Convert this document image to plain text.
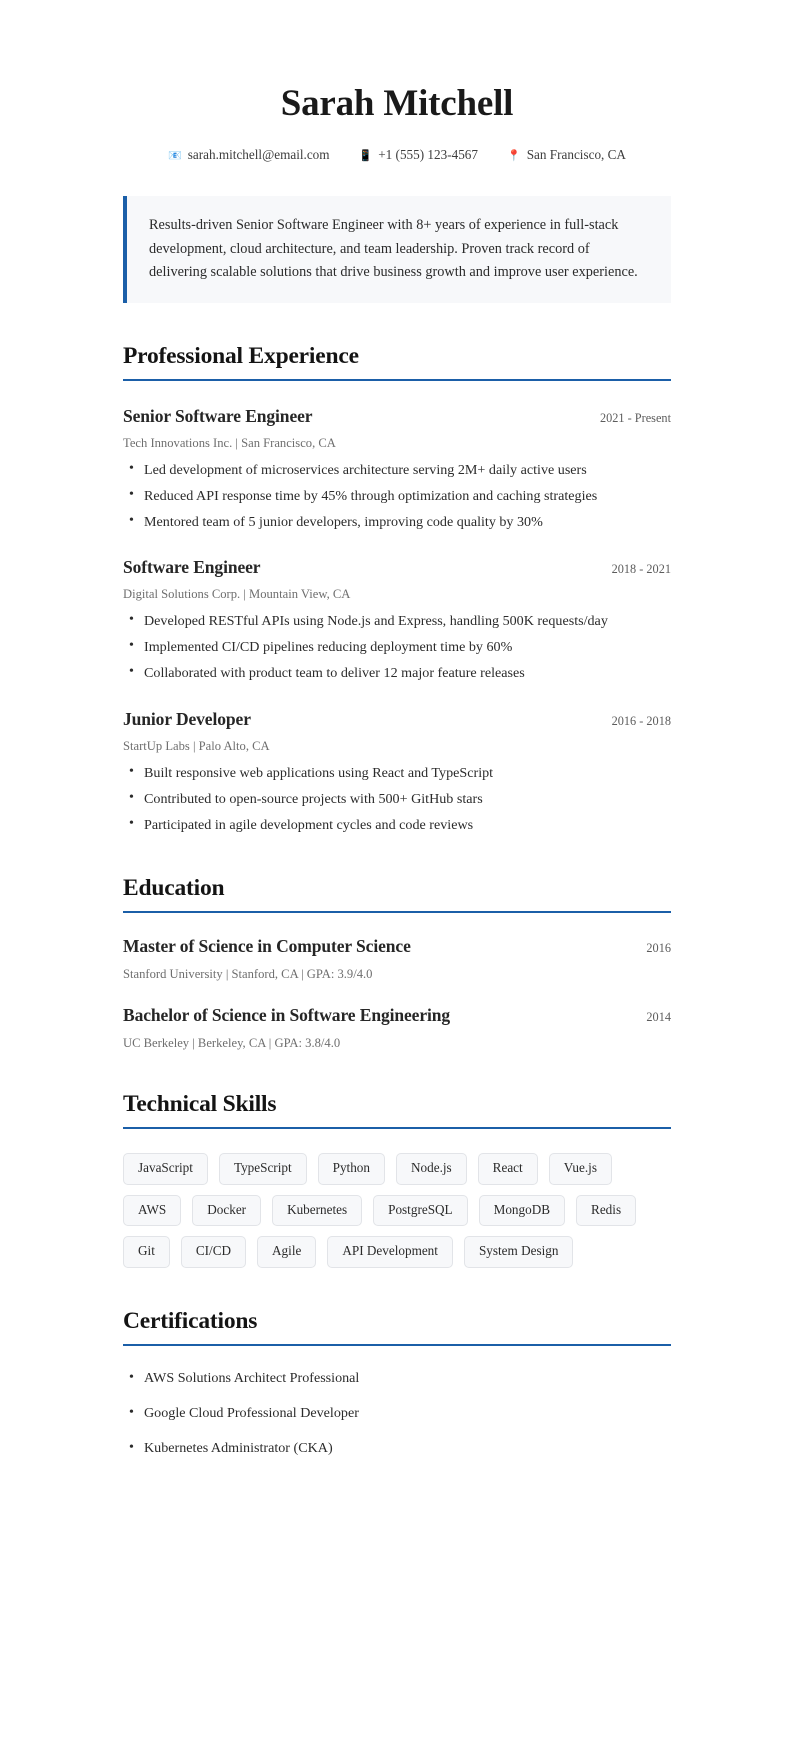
Sarah Mitchell
📧 sarah.mitchell@email.com	📱 +1 (555) 123-4567	📍 San Francisco, CA
Results-driven Senior Software Engineer with 8+ years of experience in full-stack development, cloud architecture, and team leadership. Proven track record of delivering scalable solutions that drive business growth and improve user experience.
Professional Experience
Senior Software Engineer	2021 - Present
Tech Innovations Inc. | San Francisco, CA
• Led development of microservices architecture serving 2M+ daily active users
• Reduced API response time by 45% through optimization and caching strategies
• Mentored team of 5 junior developers, improving code quality by 30%
Software Engineer	2018 - 2021
Digital Solutions Corp. | Mountain View, CA
• Developed RESTful APIs using Node.js and Express, handling 500K requests/day
• Implemented CI/CD pipelines reducing deployment time by 60%
• Collaborated with product team to deliver 12 major feature releases
Junior Developer	2016 - 2018
StartUp Labs | Palo Alto, CA
• Built responsive web applications using React and TypeScript
• Contributed to open-source projects with 500+ GitHub stars
• Participated in agile development cycles and code reviews
Education
Master of Science in Computer Science	2016
Stanford University | Stanford, CA | GPA: 3.9/4.0
Bachelor of Science in Software Engineering	2014
UC Berkeley | Berkeley, CA | GPA: 3.8/4.0
Technical Skills
JavaScript	TypeScript	Python	Node.js	React	Vue.js
AWS	Docker	Kubernetes	PostgreSQL	MongoDB	Redis
Git	CI/CD	Agile	API Development	System Design
Certifications
• AWS Solutions Architect Professional
• Google Cloud Professional Developer
• Kubernetes Administrator (CKA)
